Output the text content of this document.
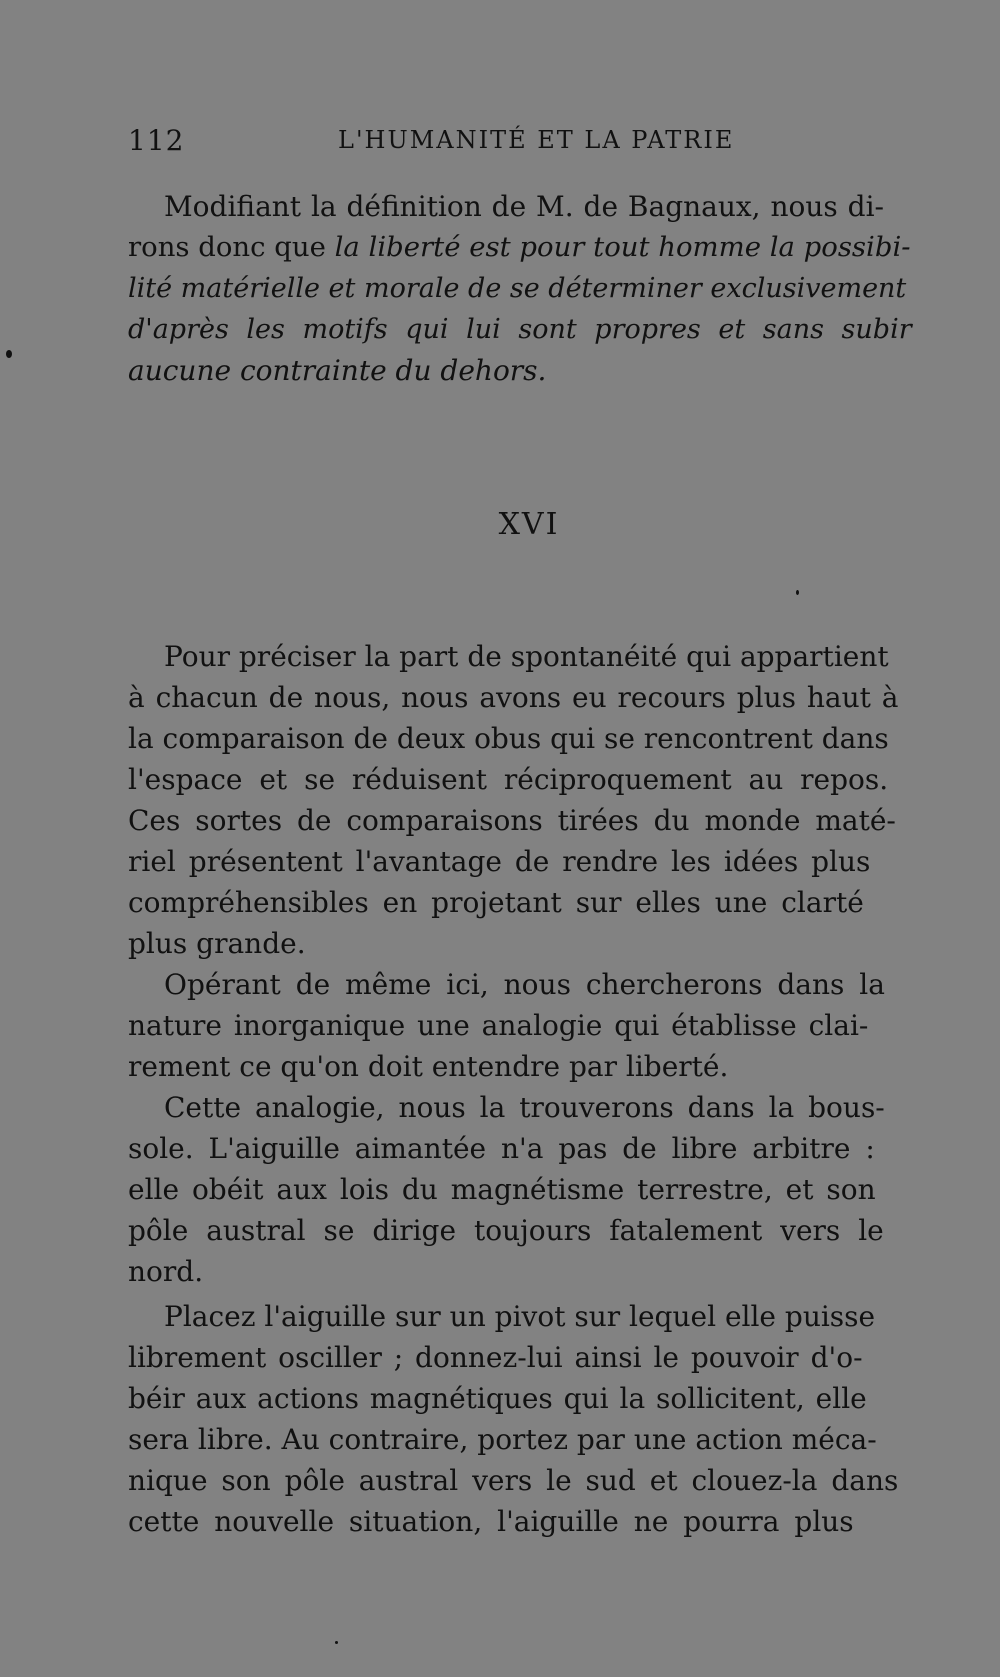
112	L'HUMANITÉ ET LA PATRIE

Modifiant la définition de M. de Bagnaux, nous di-
rons donc que la liberté est pour tout homme la possibi-
lité matérielle et morale de se déterminer exclusivement
d'après les motifs qui lui sont propres et sans subir
aucune contrainte du dehors.

XVI

Pour préciser la part de spontanéité qui appartient
à chacun de nous, nous avons eu recours plus haut à
la comparaison de deux obus qui se rencontrent dans
l'espace et se réduisent réciproquement au repos.
Ces sortes de comparaisons tirées du monde maté-
riel présentent l'avantage de rendre les idées plus
compréhensibles en projetant sur elles une clarté
plus grande.

Opérant de même ici, nous chercherons dans la
nature inorganique une analogie qui établisse clai-
rement ce qu'on doit entendre par liberté.

Cette analogie, nous la trouverons dans la bous-
sole. L'aiguille aimantée n'a pas de libre arbitre :
elle obéit aux lois du magnétisme terrestre, et son
pôle austral se dirige toujours fatalement vers le
nord.

Placez l'aiguille sur un pivot sur lequel elle puisse
librement osciller ; donnez-lui ainsi le pouvoir d'o-
béir aux actions magnétiques qui la sollicitent, elle
sera libre. Au contraire, portez par une action méca-
nique son pôle austral vers le sud et clouez-la dans
cette nouvelle situation, l'aiguille ne pourra plus
